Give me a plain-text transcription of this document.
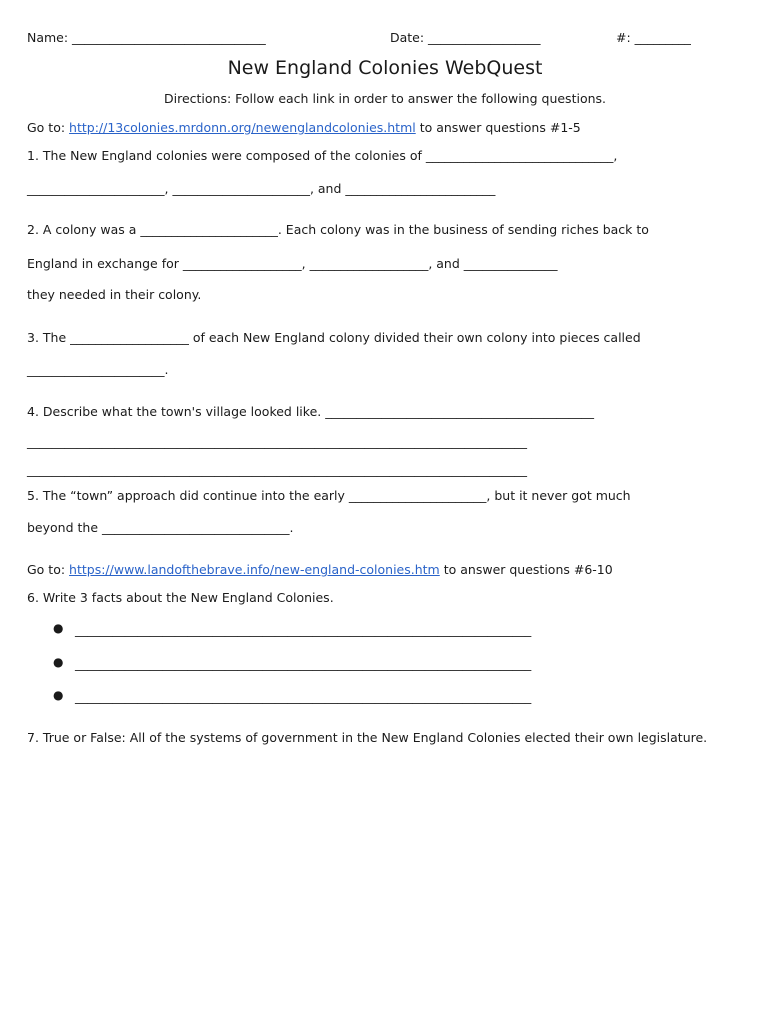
Name: _______________________________	Date: __________________	#: _________
New England Colonies WebQuest
Directions: Follow each link in order to answer the following questions.
Go to: http://13colonies.mrdonn.org/newenglandcolonies.html to answer questions #1-5
1. The New England colonies were composed of the colonies of ______________________________,
______________________, ______________________, and ________________________
2. A colony was a ______________________. Each colony was in the business of sending riches back to
England in exchange for ___________________, ___________________, and _______________
they needed in their colony.
3. The ___________________ of each New England colony divided their own colony into pieces called
______________________.
4. Describe what the town's village looked like. ___________________________________________
________________________________________________________________________________
________________________________________________________________________________
5. The “town” approach did continue into the early ______________________, but it never got much
beyond the ______________________________.
Go to: https://www.landofthebrave.info/new-england-colonies.htm to answer questions #6-10
6. Write 3 facts about the New England Colonies.
● _________________________________________________________________________
● _________________________________________________________________________
● _________________________________________________________________________
7. True or False: All of the systems of government in the New England Colonies elected their own legislature.
